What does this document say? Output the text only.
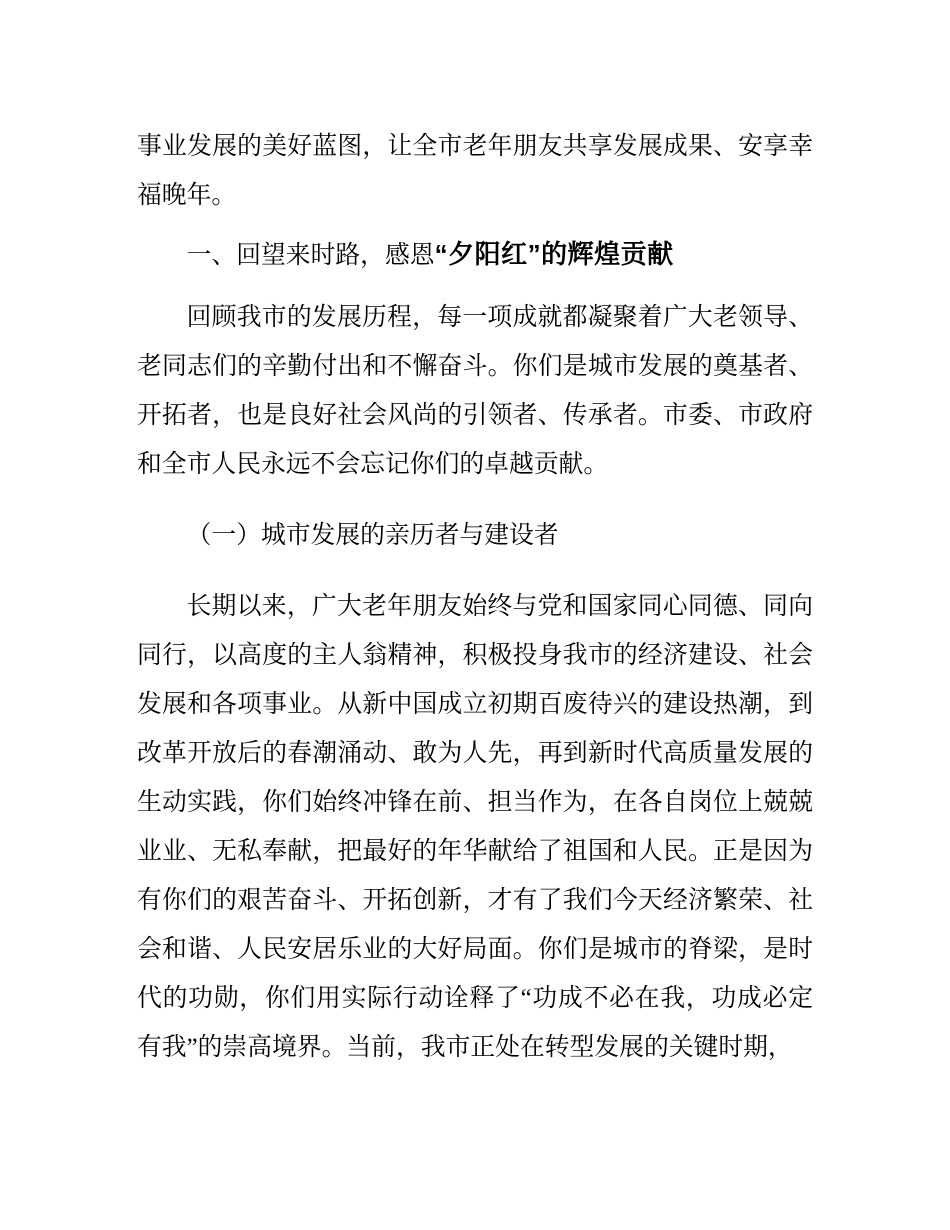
事业发展的美好蓝图，让全市老年朋友共享发展成果、安享幸福晚年。

一、回望来时路，感恩“夕阳红”的辉煌贡献

回顾我市的发展历程，每一项成就都凝聚着广大老领导、老同志们的辛勤付出和不懈奋斗。你们是城市发展的奠基者、开拓者，也是良好社会风尚的引领者、传承者。市委、市政府和全市人民永远不会忘记你们的卓越贡献。

（一）城市发展的亲历者与建设者

长期以来，广大老年朋友始终与党和国家同心同德、同向同行，以高度的主人翁精神，积极投身我市的经济建设、社会发展和各项事业。从新中国成立初期百废待兴的建设热潮，到改革开放后的春潮涌动、敢为人先，再到新时代高质量发展的生动实践，你们始终冲锋在前、担当作为，在各自岗位上兢兢业业、无私奉献，把最好的年华献给了祖国和人民。正是因为有你们的艰苦奋斗、开拓创新，才有了我们今天经济繁荣、社会和谐、人民安居乐业的大好局面。你们是城市的脊梁，是时代的功勋，你们用实际行动诠释了“功成不必在我，功成必定有我”的崇高境界。当前，我市正处在转型发展的关键时期，
